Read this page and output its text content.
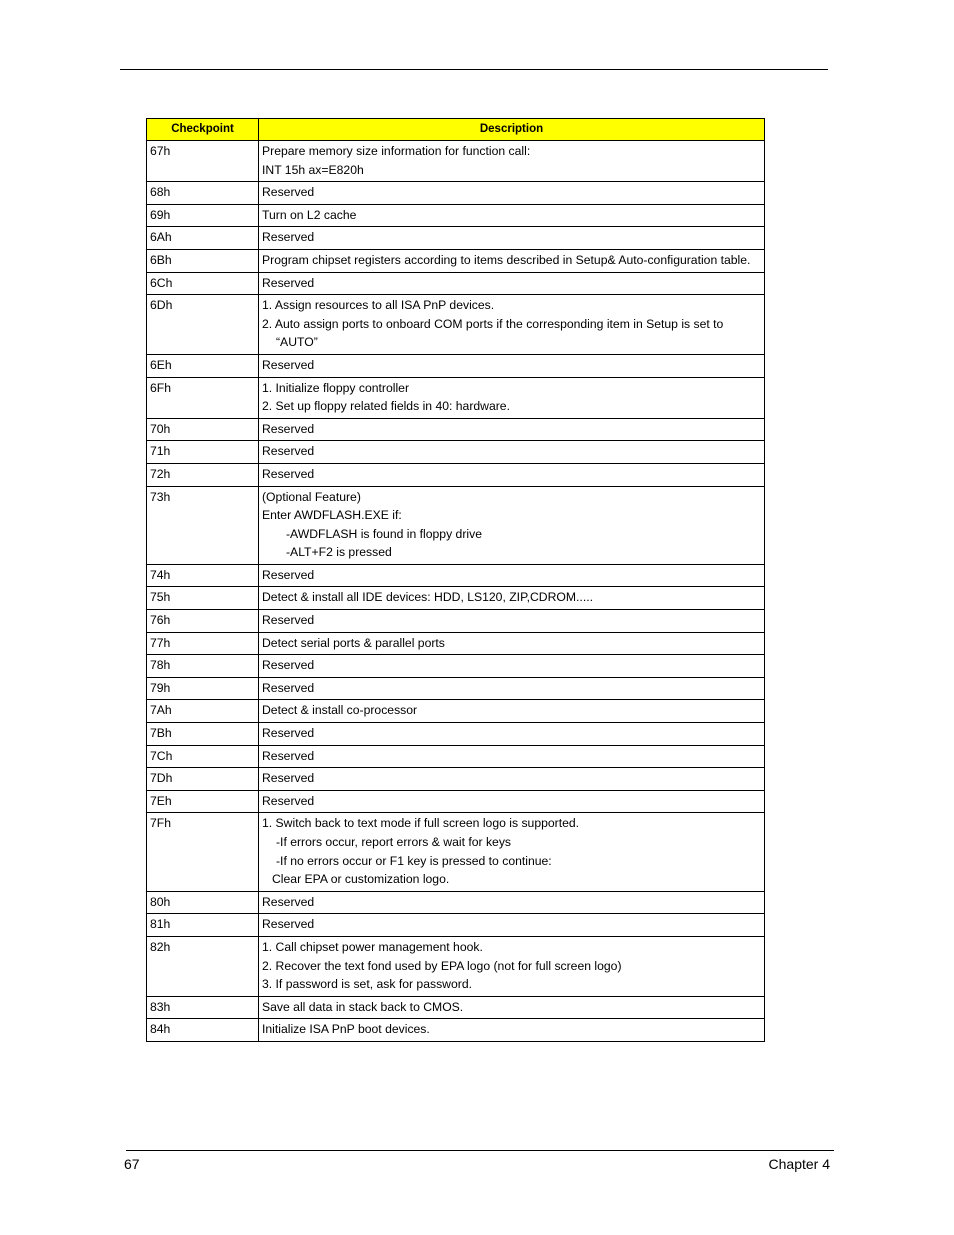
Checkpoint	Description
67h	Prepare memory size information for function call:
INT 15h ax=E820h

68h	Reserved

69h	Turn on L2 cache

6Ah	Reserved

6Bh	Program chipset registers according to items described in Setup& Auto-configuration table.

6Ch	Reserved

6Dh	1. Assign resources to all ISA PnP devices.
2. Auto assign ports to onboard COM ports if the corresponding item in Setup is set to
“AUTO”

6Eh	Reserved

6Fh	1. Initialize floppy controller
2. Set up floppy related fields in 40: hardware.

70h	Reserved

71h	Reserved

72h	Reserved

73h	(Optional Feature)
Enter AWDFLASH.EXE if:
-AWDFLASH is found in floppy drive
-ALT+F2 is pressed

74h	Reserved

75h	Detect & install all IDE devices: HDD, LS120, ZIP,CDROM.....

76h	Reserved

77h	Detect serial ports & parallel ports

78h	Reserved

79h	Reserved

7Ah	Detect & install co-processor

7Bh	Reserved

7Ch	Reserved

7Dh	Reserved

7Eh	Reserved

7Fh	1. Switch back to text mode if full screen logo is supported.
-If errors occur, report errors & wait for keys
-If no errors occur or F1 key is pressed to continue:
Clear EPA or customization logo.

80h	Reserved

81h	Reserved

82h	1. Call chipset power management hook.
2. Recover the text fond used by EPA logo (not for full screen logo)
3. If password is set, ask for password.

83h	Save all data in stack back to CMOS.

84h	Initialize ISA PnP boot devices.
67	Chapter 4
